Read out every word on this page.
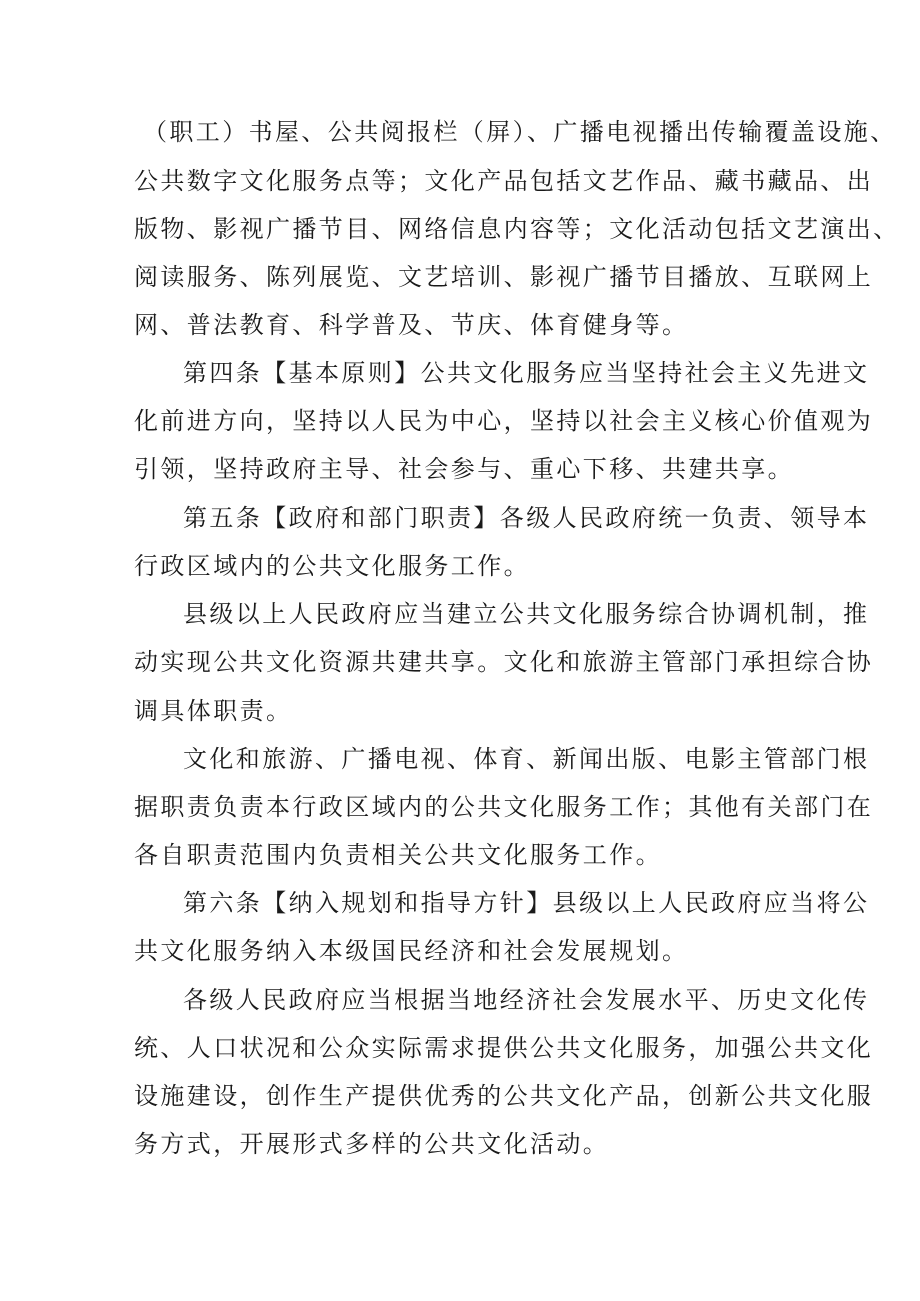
（职工）书屋、公共阅报栏（屏）、广播电视播出传输覆盖设施、
公共数字文化服务点等；文化产品包括文艺作品、藏书藏品、出
版物、影视广播节目、网络信息内容等；文化活动包括文艺演出、
阅读服务、陈列展览、文艺培训、影视广播节目播放、互联网上
网、普法教育、科学普及、节庆、体育健身等。
第四条【基本原则】公共文化服务应当坚持社会主义先进文
化前进方向，坚持以人民为中心，坚持以社会主义核心价值观为
引领，坚持政府主导、社会参与、重心下移、共建共享。
第五条【政府和部门职责】各级人民政府统一负责、领导本
行政区域内的公共文化服务工作。
县级以上人民政府应当建立公共文化服务综合协调机制，推
动实现公共文化资源共建共享。文化和旅游主管部门承担综合协
调具体职责。
文化和旅游、广播电视、体育、新闻出版、电影主管部门根
据职责负责本行政区域内的公共文化服务工作；其他有关部门在
各自职责范围内负责相关公共文化服务工作。
第六条【纳入规划和指导方针】县级以上人民政府应当将公
共文化服务纳入本级国民经济和社会发展规划。
各级人民政府应当根据当地经济社会发展水平、历史文化传
统、人口状况和公众实际需求提供公共文化服务，加强公共文化
设施建设，创作生产提供优秀的公共文化产品，创新公共文化服
务方式，开展形式多样的公共文化活动。
